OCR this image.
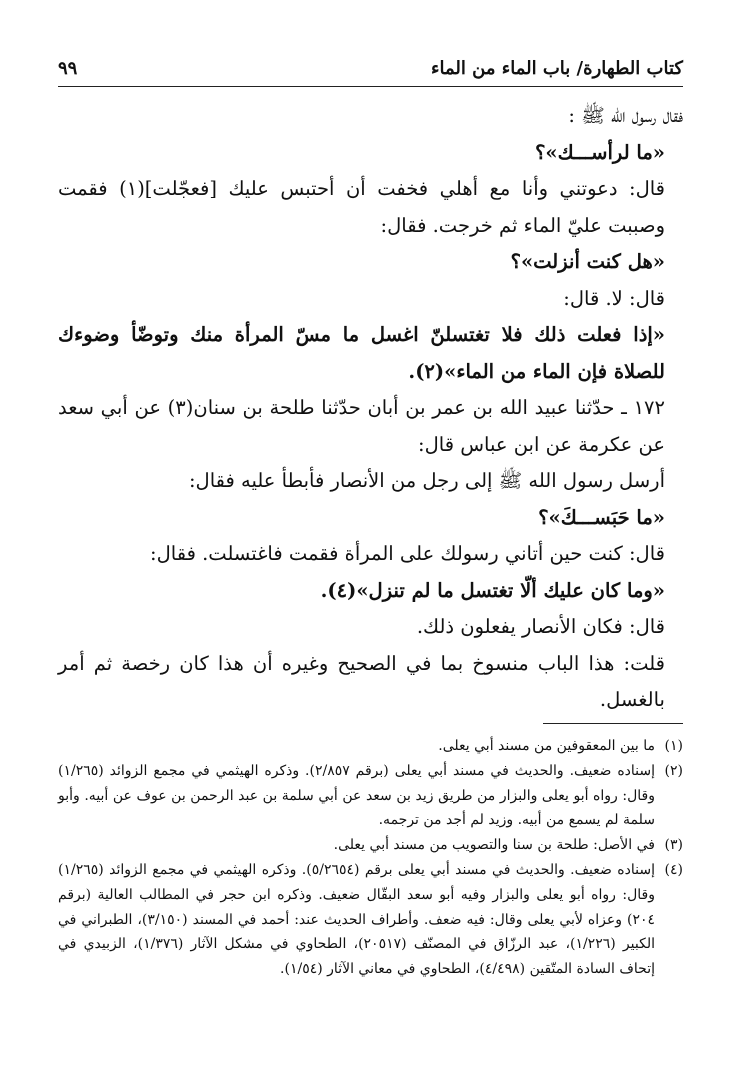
٩٩	كتاب الطهارة/ باب الماء من الماء

فقال رسول الله ﷺ :

«ما لرأســـك»؟

قال: دعوتني وأنا مع أهلي فخفت أن أحتبس عليك [فعجّلت](١) فقمت وصببت عليّ الماء ثم خرجت. فقال:

«هل كنت أنزلت»؟

قال: لا. قال:

«إذا فعلت ذلك فلا تغتسلنّ اغسل ما مسّ المرأة منك وتوضّأ وضوءك للصلاة فإن الماء من الماء»(٢).

١٧٢ ـ حدّثنا عبيد الله بن عمر بن أبان حدّثنا طلحة بن سنان(٣) عن أبي سعد عن عكرمة عن ابن عباس قال:

أرسل رسول الله ﷺ إلى رجل من الأنصار فأبطأ عليه فقال:

«ما حَبَســـكَ»؟

قال: كنت حين أتاني رسولك على المرأة فقمت فاغتسلت. فقال:

«وما كان عليك ألّا تغتسل ما لم تنزل»(٤).

قال: فكان الأنصار يفعلون ذلك.

قلت: هذا الباب منسوخ بما في الصحيح وغيره أن هذا كان رخصة ثم أمر بالغسل.

(١)
ما بين المعقوفين من مسند أبي يعلى.
(٢)
إسناده ضعيف. والحديث في مسند أبي يعلى (برقم ٢/٨٥٧). وذكره الهيثمي في مجمع الزوائد (١/٢٦٥) وقال: رواه أبو يعلى والبزار من طريق زيد بن سعد عن أبي سلمة بن عبد الرحمن بن عوف عن أبيه. وأبو سلمة لم يسمع من أبيه. وزيد لم أجد من ترجمه.
(٣)
في الأصل: طلحة بن سنا والتصويب من مسند أبي يعلى.
(٤)
إسناده ضعيف. والحديث في مسند أبي يعلى برقم (٥/٢٦٥٤). وذكره الهيثمي في مجمع الزوائد (١/٢٦٥) وقال: رواه أبو يعلى والبزار وفيه أبو سعد البقّال ضعيف. وذكره ابن حجر في المطالب العالية (برقم ٢٠٤) وعزاه لأبي يعلى وقال: فيه ضعف. وأطراف الحديث عند: أحمد في المسند (٣/١٥٠)، الطبراني في الكبير (١/٢٢٦)، عبد الرزّاق في المصنّف (٢٠٥١٧)، الطحاوي في مشكل الآثار (١/٣٧٦)، الزبيدي في إتحاف السادة المتّقين (٤/٤٩٨)، الطحاوي في معاني الآثار (١/٥٤).
